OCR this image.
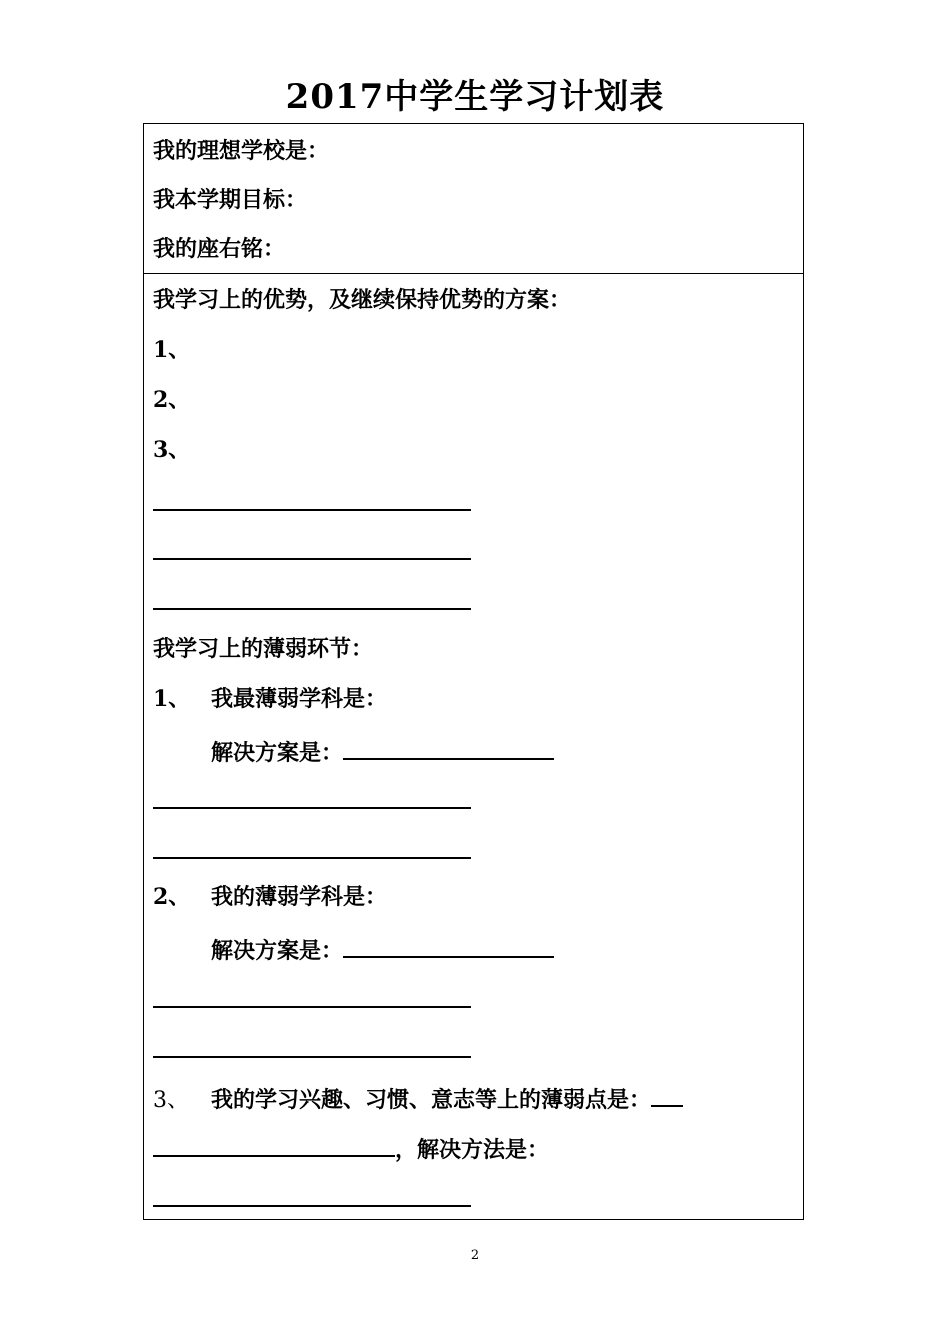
2017中学生学习计划表
我的理想学校是：
我本学期目标：
我的座右铭：
我学习上的优势，及继续保持优势的方案：
1、
2、
3、
我学习上的薄弱环节：
1、 我最薄弱学科是：
解决方案是：
2、 我的薄弱学科是：
解决方案是：
3、 我的学习兴趣、习惯、意志等上的薄弱点是：
，解决方法是：
2
